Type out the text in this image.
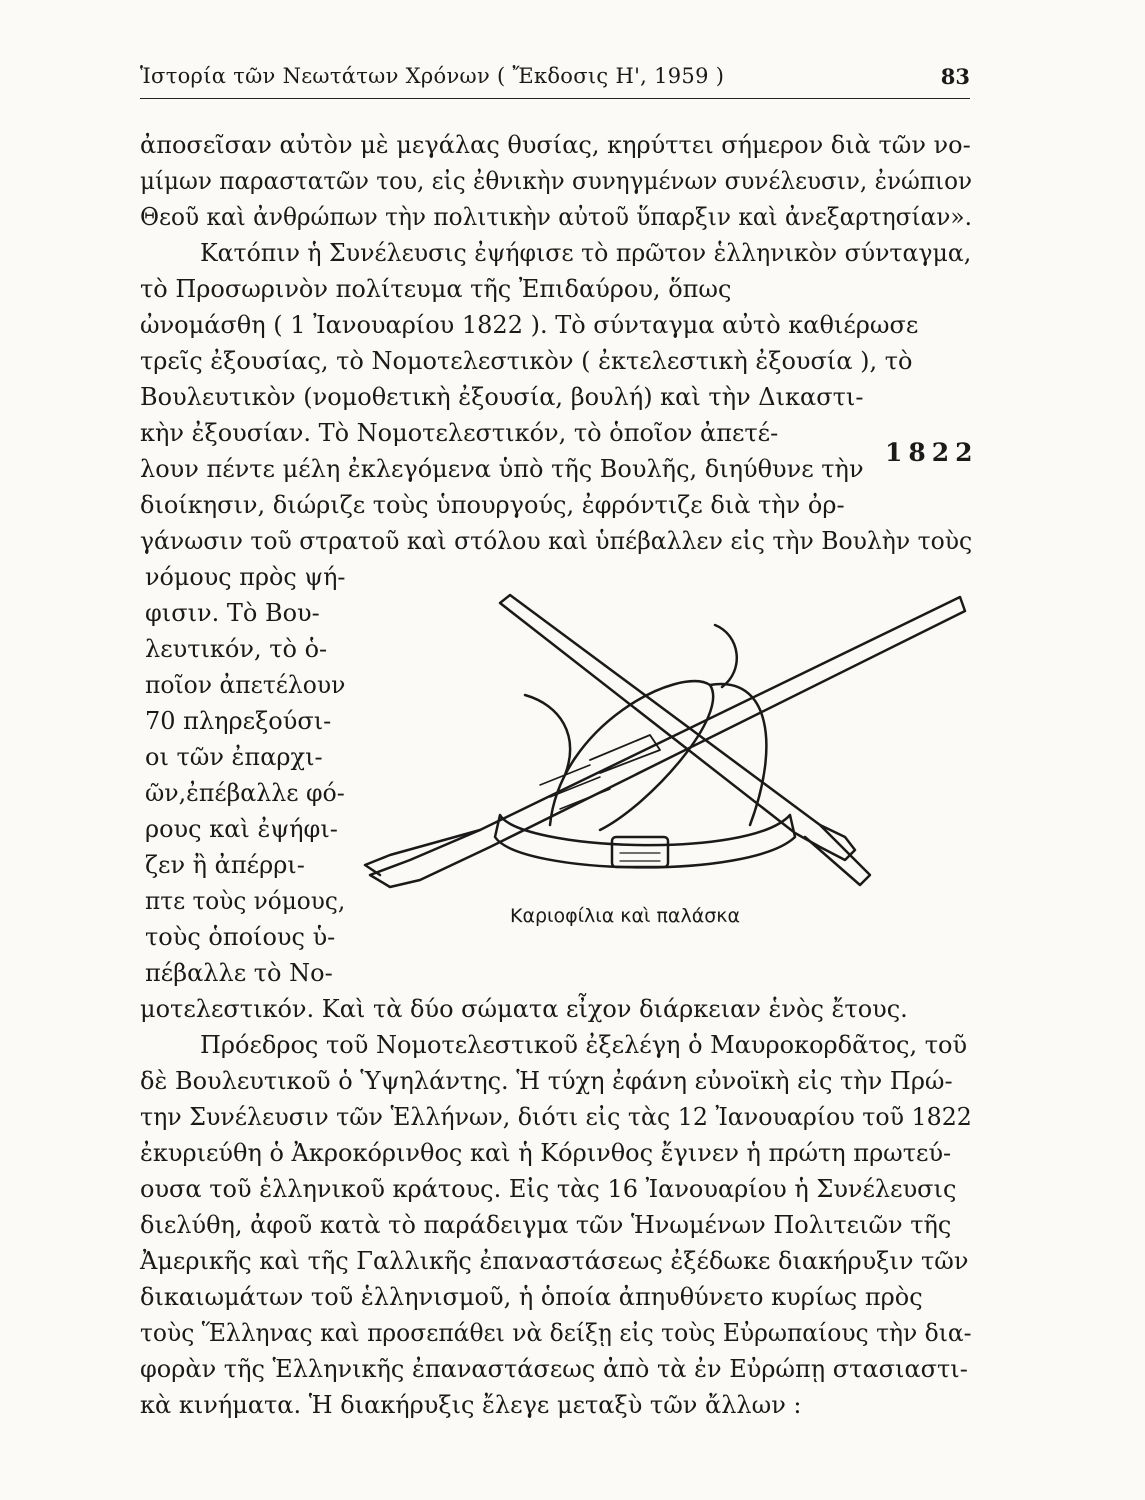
Ἱστορία τῶν Νεωτάτων Χρόνων ( Ἔκδοσις Η', 1959 )	83
ἀποσεῖσαν αὐτὸν μὲ μεγάλας θυσίας, κηρύττει σήμερον διὰ τῶν νο-
μίμων παραστατῶν του, εἰς ἐθνικὴν συνηγμένων συνέλευσιν, ἐνώπιον
Θεοῦ καὶ ἀνθρώπων τὴν πολιτικὴν αὐτοῦ ὕπαρξιν καὶ ἀνεξαρτησίαν».
Κατόπιν ἡ Συνέλευσις ἐψήφισε τὸ πρῶτον ἑλληνικὸν σύνταγμα,
τὸ Προσωρινὸν πολίτευμα τῆς Ἐπιδαύρου, ὅπως
ὠνομάσθη ( 1 Ἰανουαρίου 1822 ). Τὸ σύνταγμα αὐτὸ καθιέρωσε
τρεῖς ἐξουσίας, τὸ Νομοτελεστικὸν ( ἐκτελεστικὴ ἐξουσία ), τὸ
Βουλευτικὸν (νομοθετικὴ ἐξουσία, βουλή) καὶ τὴν Δικαστι-
κὴν ἐξουσίαν. Τὸ Νομοτελεστικόν, τὸ ὁποῖον ἀπετέ-
λουν πέντε μέλη ἐκλεγόμενα ὑπὸ τῆς Βουλῆς, διηύθυνε τὴν
διοίκησιν, διώριζε τοὺς ὑπουργούς, ἐφρόντιζε διὰ τὴν ὀρ-
γάνωσιν τοῦ στρατοῦ καὶ στόλου καὶ ὑπέβαλλεν εἰς τὴν Βουλὴν τοὺς
1822
νόμους πρὸς ψή-
φισιν. Τὸ Βου-
λευτικόν, τὸ ὁ-
ποῖον ἀπετέλουν
70 πληρεξούσι-
οι τῶν ἐπαρχι-
ῶν,ἐπέβαλλε φό-
ρους καὶ ἐψήφι-
ζεν ἢ ἀπέρρι-
πτε τοὺς νόμους,
τοὺς ὁποίους ὑ-
πέβαλλε τὸ Νο-
Καριοφίλια καὶ παλάσκα
μοτελεστικόν. Καὶ τὰ δύο σώματα εἶχον διάρκειαν ἑνὸς ἔτους.
Πρόεδρος τοῦ Νομοτελεστικοῦ ἐξελέγη ὁ Μαυροκορδᾶτος, τοῦ
δὲ Βουλευτικοῦ ὁ Ὑψηλάντης. Ἡ τύχη ἐφάνη εὐνοϊκὴ εἰς τὴν Πρώ-
την Συνέλευσιν τῶν Ἑλλήνων, διότι εἰς τὰς 12 Ἰανουαρίου τοῦ 1822
ἐκυριεύθη ὁ Ἀκροκόρινθος καὶ ἡ Κόρινθος ἔγινεν ἡ πρώτη πρωτεύ-
ουσα τοῦ ἑλληνικοῦ κράτους. Εἰς τὰς 16 Ἰανουαρίου ἡ Συνέλευσις
διελύθη, ἀφοῦ κατὰ τὸ παράδειγμα τῶν Ἡνωμένων Πολιτειῶν τῆς
Ἀμερικῆς καὶ τῆς Γαλλικῆς ἐπαναστάσεως ἐξέδωκε διακήρυξιν τῶν
δικαιωμάτων τοῦ ἑλληνισμοῦ, ἡ ὁποία ἀπηυθύνετο κυρίως πρὸς
τοὺς Ἕλληνας καὶ προσεπάθει νὰ δείξῃ εἰς τοὺς Εὐρωπαίους τὴν δια-
φορὰν τῆς Ἑλληνικῆς ἐπαναστάσεως ἀπὸ τὰ ἐν Εὐρώπῃ στασιαστι-
κὰ κινήματα. Ἡ διακήρυξις ἔλεγε μεταξὺ τῶν ἄλλων :
